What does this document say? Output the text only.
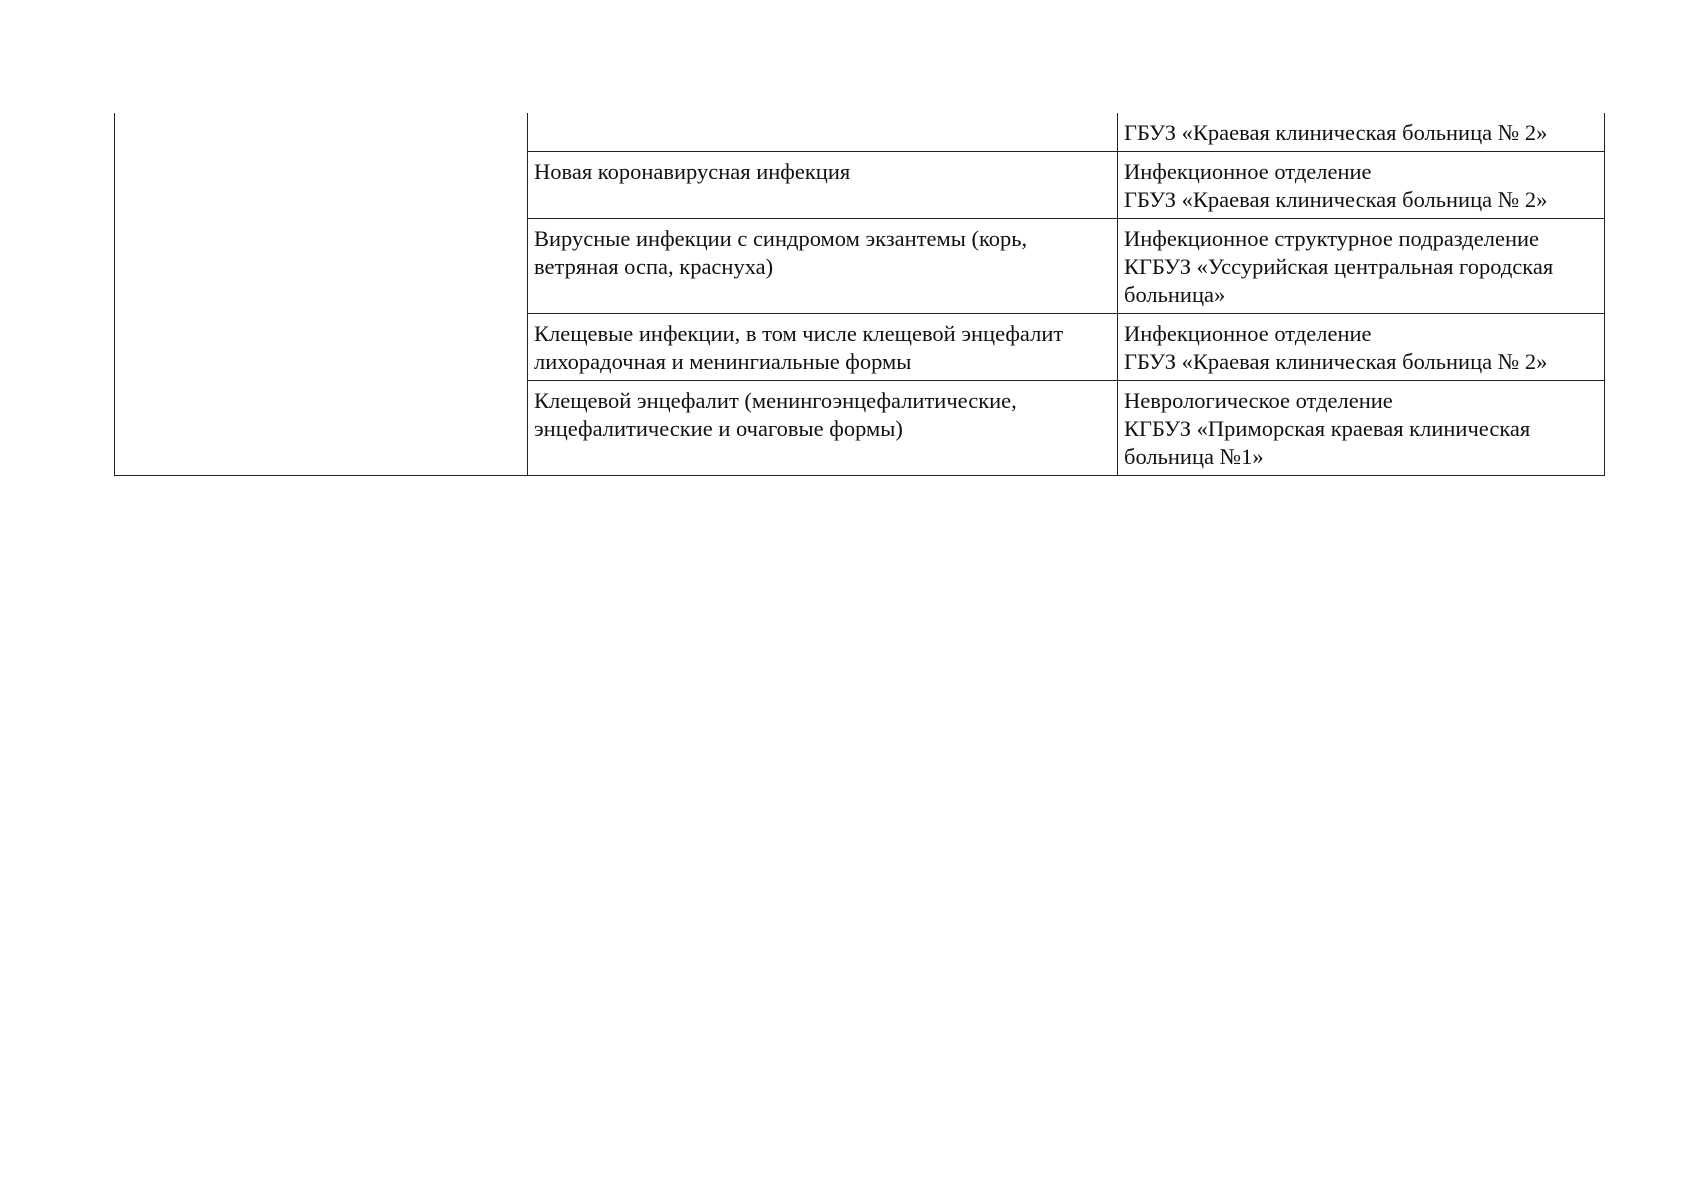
		ГБУЗ «Краевая клиническая больница № 2»

	Новая коронавирусная инфекция	Инфекционное отделение
ГБУЗ «Краевая клиническая больница № 2»

	Вирусные инфекции с синдромом экзантемы (корь,
ветряная оспа, краснуха)	Инфекционное структурное подразделение
КГБУЗ «Уссурийская центральная городская
больница»

	Клещевые инфекции, в том числе клещевой энцефалит
лихорадочная и менингиальные формы	Инфекционное отделение
ГБУЗ «Краевая клиническая больница № 2»

	Клещевой энцефалит (менингоэнцефалитические,
энцефалитические и очаговые формы)	Неврологическое отделение
КГБУЗ «Приморская краевая клиническая
больница №1»
